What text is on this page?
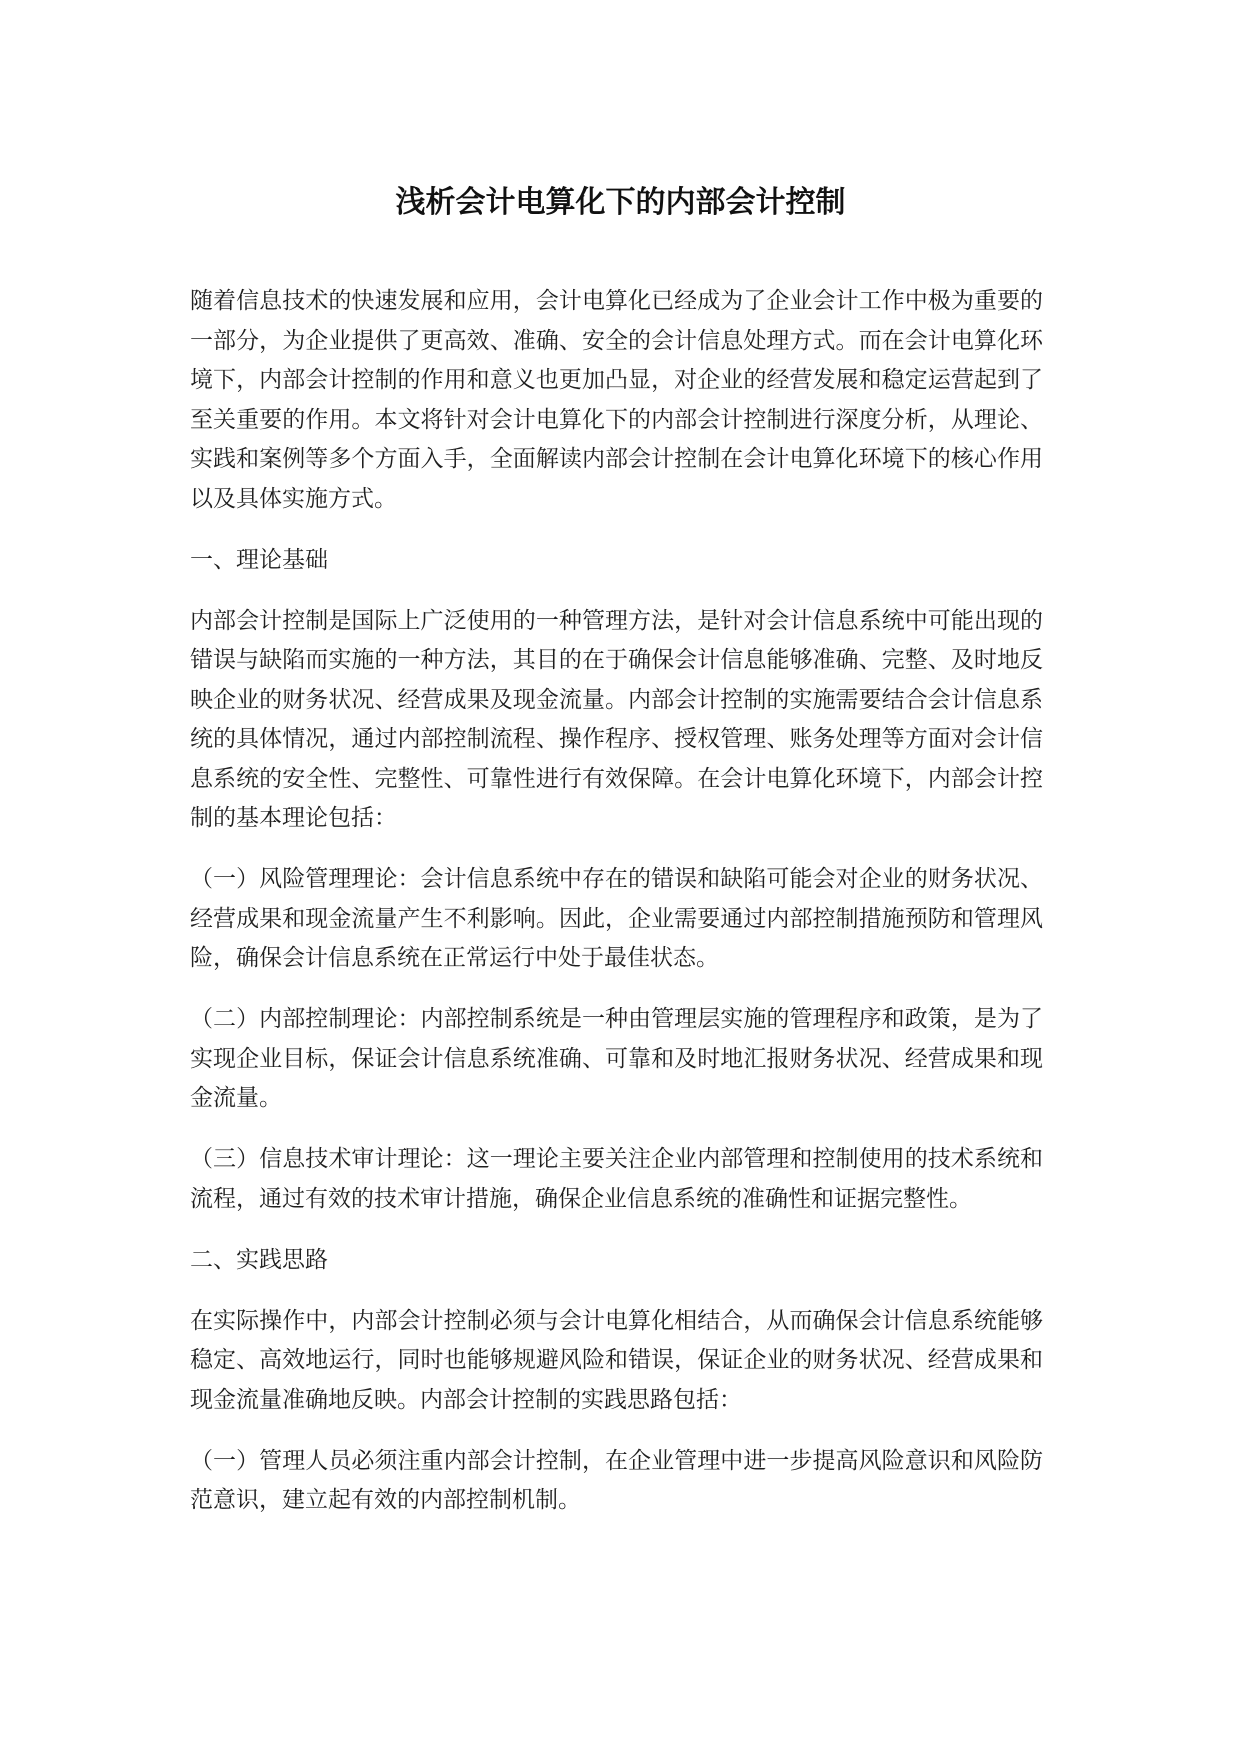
浅析会计电算化下的内部会计控制
随着信息技术的快速发展和应用，会计电算化已经成为了企业会计工作中极为重要的
一部分，为企业提供了更高效、准确、安全的会计信息处理方式。而在会计电算化环
境下，内部会计控制的作用和意义也更加凸显，对企业的经营发展和稳定运营起到了
至关重要的作用。本文将针对会计电算化下的内部会计控制进行深度分析，从理论、
实践和案例等多个方面入手，全面解读内部会计控制在会计电算化环境下的核心作用
以及具体实施方式。
一、理论基础
内部会计控制是国际上广泛使用的一种管理方法，是针对会计信息系统中可能出现的
错误与缺陷而实施的一种方法，其目的在于确保会计信息能够准确、完整、及时地反
映企业的财务状况、经营成果及现金流量。内部会计控制的实施需要结合会计信息系
统的具体情况，通过内部控制流程、操作程序、授权管理、账务处理等方面对会计信
息系统的安全性、完整性、可靠性进行有效保障。在会计电算化环境下，内部会计控
制的基本理论包括：
（一）风险管理理论：会计信息系统中存在的错误和缺陷可能会对企业的财务状况、
经营成果和现金流量产生不利影响。因此，企业需要通过内部控制措施预防和管理风
险，确保会计信息系统在正常运行中处于最佳状态。
（二）内部控制理论：内部控制系统是一种由管理层实施的管理程序和政策，是为了
实现企业目标，保证会计信息系统准确、可靠和及时地汇报财务状况、经营成果和现
金流量。
（三）信息技术审计理论：这一理论主要关注企业内部管理和控制使用的技术系统和
流程，通过有效的技术审计措施，确保企业信息系统的准确性和证据完整性。
二、实践思路
在实际操作中，内部会计控制必须与会计电算化相结合，从而确保会计信息系统能够
稳定、高效地运行，同时也能够规避风险和错误，保证企业的财务状况、经营成果和
现金流量准确地反映。内部会计控制的实践思路包括：
（一）管理人员必须注重内部会计控制，在企业管理中进一步提高风险意识和风险防
范意识，建立起有效的内部控制机制。
